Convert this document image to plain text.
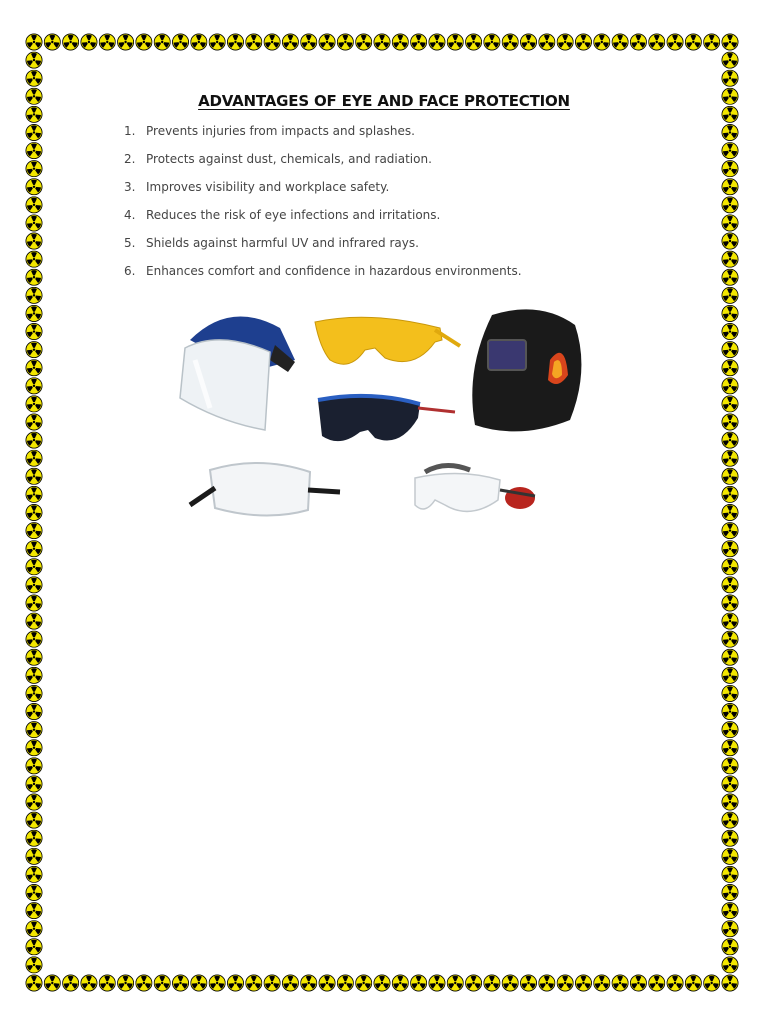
ADVANTAGES OF EYE AND FACE PROTECTION
1. Prevents injuries from impacts and splashes.
2. Protects against dust, chemicals, and radiation.
3. Improves visibility and workplace safety.
4. Reduces the risk of eye infections and irritations.
5. Shields against harmful UV and infrared rays.
6. Enhances comfort and confidence in hazardous environments.
